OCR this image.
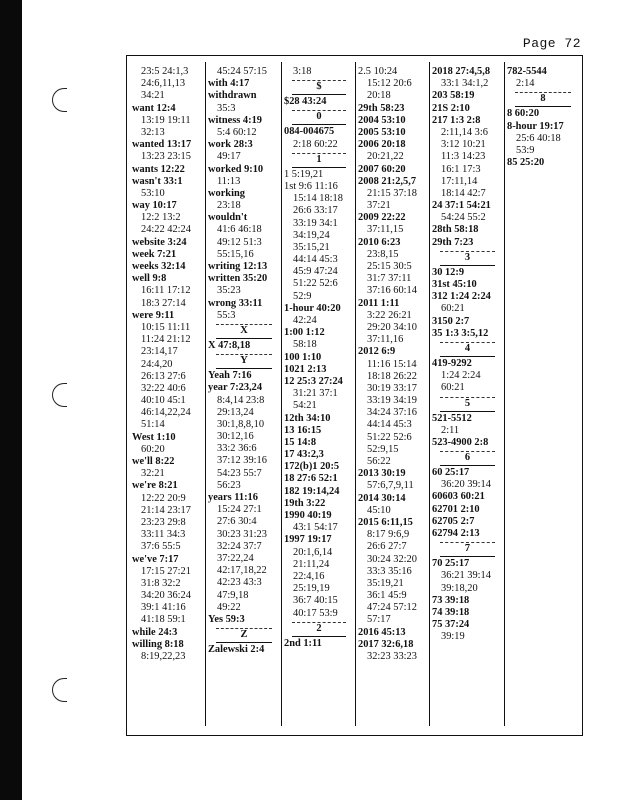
Page 72
23:5 24:1,3
24:6,11,13
34:21
want 12:4
13:19 19:11
32:13
wanted 13:17
13:23 23:15
wants 12:22
wasn't 33:1
53:10
way 10:17
12:2 13:2
24:22 42:24
website 3:24
week 7:21
weeks 32:14
well 9:8
16:11 17:12
18:3 27:14
were 9:11
10:15 11:11
11:24 21:12
23:14,17
24:4,20
26:13 27:6
32:22 40:6
40:10 45:1
46:14,22,24
51:14
West 1:10
60:20
we'll 8:22
32:21
we're 8:21
12:22 20:9
21:14 23:17
23:23 29:8
33:11 34:3
37:6 55:5
we've 7:17
17:15 27:21
31:8 32:2
34:20 36:24
39:1 41:16
41:18 59:1
while 24:3
willing 8:18
8:19,22,23
45:24 57:15
with 4:17
withdrawn
35:3
witness 4:19
5:4 60:12
work 28:3
49:17
worked 9:10
11:13
working
23:18
wouldn't
41:6 46:18
49:12 51:3
55:15,16
writing 12:13
written 35:20
35:23
wrong 33:11
55:3
X
X 47:8,18
Y
Yeah 7:16
year 7:23,24
8:4,14 23:8
29:13,24
30:1,8,8,10
30:12,16
33:2 36:6
37:12 39:16
54:23 55:7
56:23
years 11:16
15:24 27:1
27:6 30:4
30:23 31:23
32:24 37:7
37:22,24
42:17,18,22
42:23 43:3
47:9,18
49:22
Yes 59:3
Z
Zalewski 2:4
3:18
$
$28 43:24
0
084-004675
2:18 60:22
1
1 5:19,21
1st 9:6 11:16
15:14 18:18
26:6 33:17
33:19 34:1
34:19,24
35:15,21
44:14 45:3
45:9 47:24
51:22 52:6
52:9
1-hour 40:20
42:24
1:00 1:12
58:18
100 1:10
1021 2:13
12 25:3 27:24
31:21 37:1
54:21
12th 34:10
13 16:15
15 14:8
17 43:2,3
172(b)1 20:5
18 27:6 52:1
182 19:14,24
19th 3:22
1990 40:19
43:1 54:17
1997 19:17
20:1,6,14
21:11,24
22:4,16
25:19,19
36:7 40:15
40:17 53:9
2
2nd 1:11
2.5 10:24
15:12 20:6
20:18
29th 58:23
2004 53:10
2005 53:10
2006 20:18
20:21,22
2007 60:20
2008 21:2,5,7
21:15 37:18
37:21
2009 22:22
37:11,15
2010 6:23
23:8,15
25:15 30:5
31:7 37:11
37:16 60:14
2011 1:11
3:22 26:21
29:20 34:10
37:11,16
2012 6:9
11:16 15:14
18:18 26:22
30:19 33:17
33:19 34:19
34:24 37:16
44:14 45:3
51:22 52:6
52:9,15
56:22
2013 30:19
57:6,7,9,11
2014 30:14
45:10
2015 6:11,15
8:17 9:6,9
26:6 27:7
30:24 32:20
33:3 35:16
35:19,21
36:1 45:9
47:24 57:12
57:17
2016 45:13
2017 32:6,18
32:23 33:23
2018 27:4,5,8
33:1 34:1,2
203 58:19
21S 2:10
217 1:3 2:8
2:11,14 3:6
3:12 10:21
11:3 14:23
16:1 17:3
17:11,14
18:14 42:7
24 37:1 54:21
54:24 55:2
28th 58:18
29th 7:23
3
30 12:9
31st 45:10
312 1:24 2:24
60:21
3150 2:7
35 1:3 3:5,12
4
419-9292
1:24 2:24
60:21
5
521-5512
2:11
523-4900 2:8
6
60 25:17
36:20 39:14
60603 60:21
62701 2:10
62705 2:7
62794 2:13
7
70 25:17
36:21 39:14
39:18,20
73 39:18
74 39:18
75 37:24
39:19
782-5544
2:14
8
8 60:20
8-hour 19:17
25:6 40:18
53:9
85 25:20
